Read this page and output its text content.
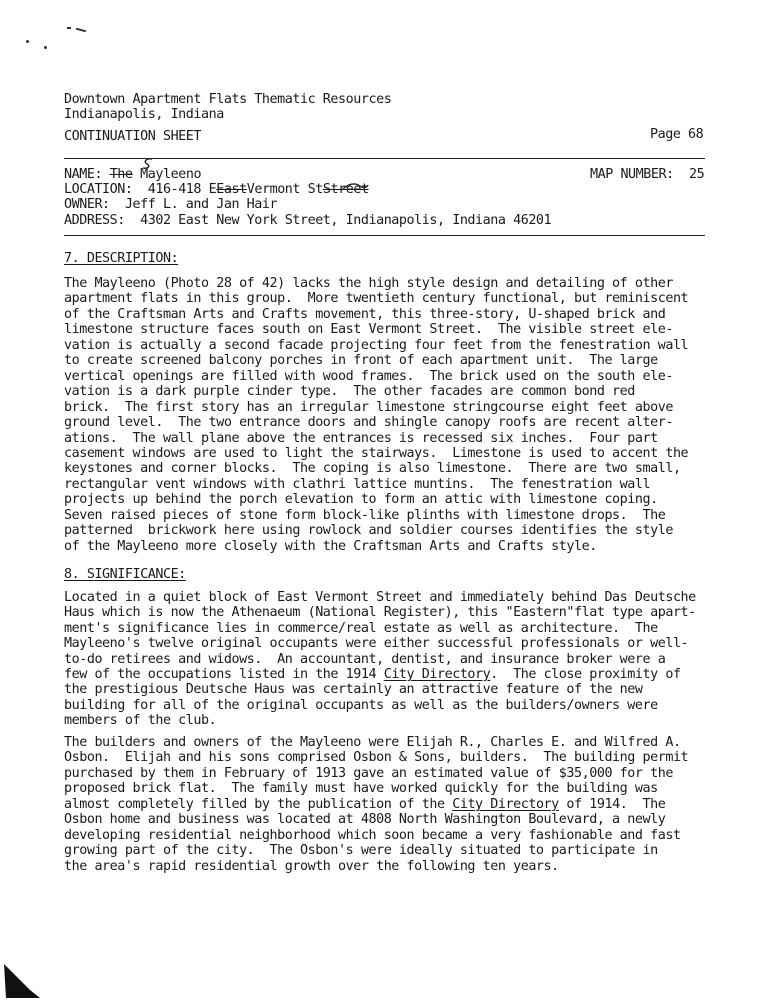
Downtown Apartment Flats Thematic Resources
Indianapolis, Indiana
CONTINUATION SHEET	Page 68
NAME: The Mayleeno	MAP NUMBER:  25
LOCATION: 416-418 EEastVermont StStreet
OWNER:  Jeff L. and Jan Hair
ADDRESS:  4302 East New York Street, Indianapolis, Indiana 46201
7. DESCRIPTION:
The Mayleeno (Photo 28 of 42) lacks the high style design and detailing of other
apartment flats in this group.  More twentieth century functional, but reminiscent
of the Craftsman Arts and Crafts movement, this three-story, U-shaped brick and
limestone structure faces south on East Vermont Street.  The visible street ele-
vation is actually a second facade projecting four feet from the fenestration wall
to create screened balcony porches in front of each apartment unit.  The large
vertical openings are filled with wood frames.  The brick used on the south ele-
vation is a dark purple cinder type.  The other facades are common bond red
brick.  The first story has an irregular limestone stringcourse eight feet above
ground level.  The two entrance doors and shingle canopy roofs are recent alter-
ations.  The wall plane above the entrances is recessed six inches.  Four part
casement windows are used to light the stairways.  Limestone is used to accent the
keystones and corner blocks.  The coping is also limestone.  There are two small,
rectangular vent windows with clathri lattice muntins.  The fenestration wall
projects up behind the porch elevation to form an attic with limestone coping.
Seven raised pieces of stone form block-like plinths with limestone drops.  The
patterned  brickwork here using rowlock and soldier courses identifies the style
of the Mayleeno more closely with the Craftsman Arts and Crafts style.
8. SIGNIFICANCE:
Located in a quiet block of East Vermont Street and immediately behind Das Deutsche
Haus which is now the Athenaeum (National Register), this "Eastern"flat type apart-
ment's significance lies in commerce/real estate as well as architecture.  The
Mayleeno's twelve original occupants were either successful professionals or well-
to-do retirees and widows.  An accountant, dentist, and insurance broker were a
few of the occupations listed in the 1914 City Directory.  The close proximity of
the prestigious Deutsche Haus was certainly an attractive feature of the new
building for all of the original occupants as well as the builders/owners were
members of the club.
The builders and owners of the Mayleeno were Elijah R., Charles E. and Wilfred A.
Osbon.  Elijah and his sons comprised Osbon & Sons, builders.  The building permit
purchased by them in February of 1913 gave an estimated value of $35,000 for the
proposed brick flat.  The family must have worked quickly for the building was
almost completely filled by the publication of the City Directory of 1914.  The
Osbon home and business was located at 4808 North Washington Boulevard, a newly
developing residential neighborhood which soon became a very fashionable and fast
growing part of the city.  The Osbon's were ideally situated to participate in
the area's rapid residential growth over the following ten years.
